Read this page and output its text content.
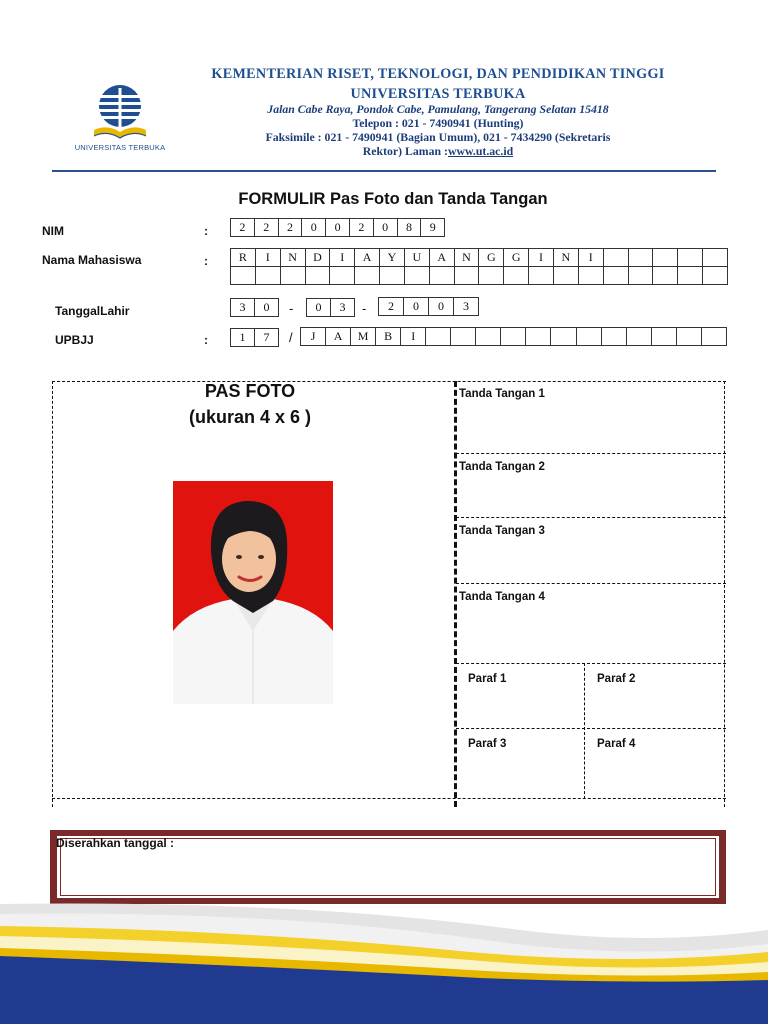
UNIVERSITAS TERBUKA
KEMENTERIAN RISET, TEKNOLOGI, DAN PENDIDIKAN TINGGI
UNIVERSITAS TERBUKA
Jalan Cabe Raya, Pondok Cabe, Pamulang, Tangerang Selatan 15418
Telepon : 021 - 7490941 (Hunting)
Faksimile : 021 - 7490941 (Bagian Umum), 021 - 7434290 (Sekretaris
Rektor) Laman :www.ut.ac.id
FORMULIR Pas Foto dan Tanda Tangan
NIM	:	2	2	2	0	0	2	0	8	9
Nama Mahasiswa	:	R	I	N	D	I	A	Y	U	A	N	G	G	I	N	I
TanggalLahir	3	0	-	0	3	-	2	0	0	3
UPBJJ	:	1	7	/	J	A	M	B	I
PAS FOTO
(ukuran 4 x 6 )
Tanda Tangan 1
Tanda Tangan 2
Tanda Tangan 3
Tanda Tangan 4
Paraf 1	Paraf 2
Paraf 3	Paraf 4
Diserahkan tanggal :
